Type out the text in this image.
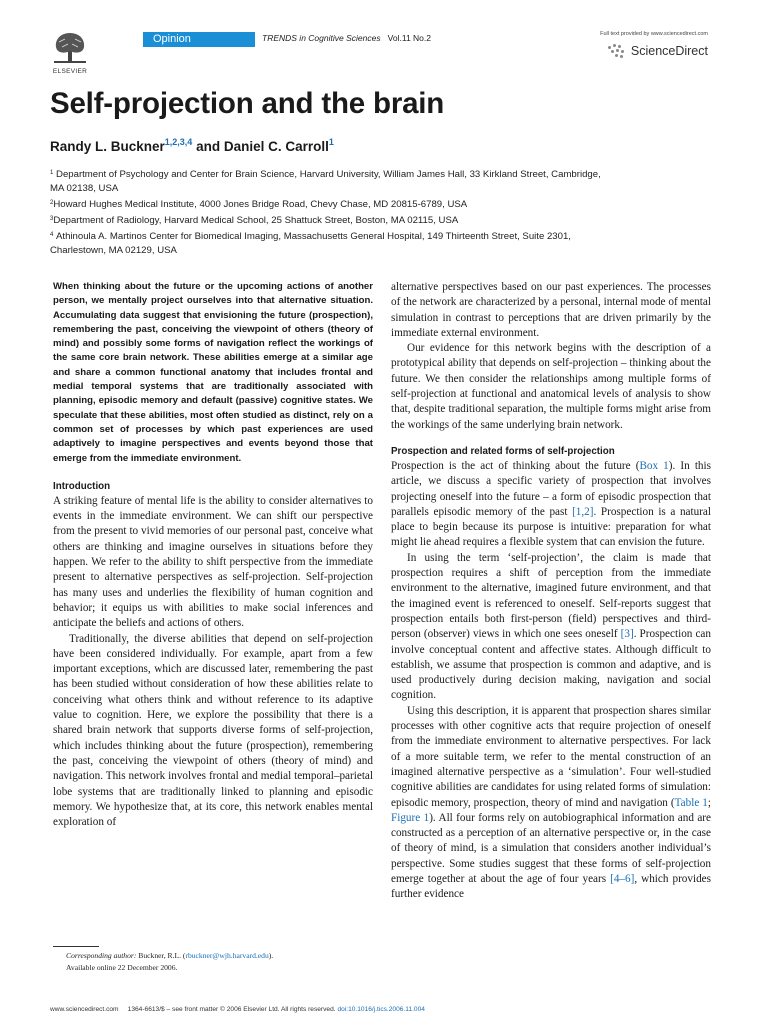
ELSEVIER
Opinion	TRENDS in Cognitive Sciences Vol.11 No.2	Full text provided by www.sciencedirect.com
ScienceDirect
Self-projection and the brain
Randy L. Buckner$^{1,2,3,4}$ and Daniel C. Carroll$^1$
$^1$ Department of Psychology and Center for Brain Science, Harvard University, William James Hall, 33 Kirkland Street, Cambridge,
MA 02138, USA
$^2$Howard Hughes Medical Institute, 4000 Jones Bridge Road, Chevy Chase, MD 20815-6789, USA
$^3$Department of Radiology, Harvard Medical School, 25 Shattuck Street, Boston, MA 02115, USA
$^4$ Athinoula A. Martinos Center for Biomedical Imaging, Massachusetts General Hospital, 149 Thirteenth Street, Suite 2301,
Charlestown, MA 02129, USA

When thinking about the future or the upcoming actions of another person, we mentally project ourselves into that alternative situation. Accumulating data suggest that envisioning the future (prospection), remembering the past, conceiving the viewpoint of others (theory of mind) and possibly some forms of navigation reflect the workings of the same core brain network. These abilities emerge at a similar age and share a common functional anatomy that includes frontal and medial temporal systems that are traditionally associated with planning, episodic memory and default (passive) cognitive states. We speculate that these abilities, most often studied as distinct, rely on a common set of processes by which past experiences are used adaptively to imagine perspectives and events beyond those that emerge from the immediate environment.

Introduction

A striking feature of mental life is the ability to consider alternatives to events in the immediate environment. We can shift our perspective from the present to vivid memories of our personal past, conceive what others are thinking and imagine ourselves in situations before they happen. We refer to the ability to shift perspective from the immediate present to alternative perspectives as self-projection. Self-projection has many uses and underlies the flexibility of human cognition and behavior; it equips us with abilities to make social inferences and anticipate the beliefs and actions of others.

Traditionally, the diverse abilities that depend on self-projection have been considered individually. For example, apart from a few important exceptions, which are discussed later, remembering the past has been studied without consideration of how these abilities relate to conceiving what others think and without reference to its adaptive value to cognition. Here, we explore the possibility that there is a shared brain network that supports diverse forms of self-projection, which includes thinking about the future (prospection), remembering the past, conceiving the viewpoint of others (theory of mind) and navigation. This network involves frontal and medial temporal–parietal lobe systems that are traditionally linked to planning and episodic memory. We hypothesize that, at its core, this network enables mental exploration of

alternative perspectives based on our past experiences. The processes of the network are characterized by a personal, internal mode of mental simulation in contrast to perceptions that are driven primarily by the immediate external environment.

Our evidence for this network begins with the description of a prototypical ability that depends on self-projection – thinking about the future. We then consider the relationships among multiple forms of self-projection at functional and anatomical levels of analysis to show that, despite traditional separation, the multiple forms might arise from the workings of the same underlying brain network.

Prospection and related forms of self-projection

Prospection is the act of thinking about the future (Box 1). In this article, we discuss a specific variety of prospection that involves projecting oneself into the future – a form of episodic prospection that parallels episodic memory of the past [1,2]. Prospection is a natural place to begin because its purpose is intuitive: preparation for what might lie ahead requires a flexible system that can envision the future.

In using the term ‘self-projection’, the claim is made that prospection requires a shift of perception from the immediate environment to the alternative, imagined future environment, and that the imagined event is referenced to oneself. Self-reports suggest that prospection entails both first-person (field) perspectives and third-person (observer) views in which one sees oneself [3]. Prospection can involve conceptual content and affective states. Although difficult to establish, we assume that prospection is common and adaptive, and is used productively during decision making, navigation and social cognition.

Using this description, it is apparent that prospection shares similar processes with other cognitive acts that require projection of oneself from the immediate environment to alternative perspectives. For lack of a more suitable term, we refer to the mental construction of an imagined alternative perspective as a ‘simulation’. Four well-studied cognitive abilities are candidates for using related forms of simulation: episodic memory, prospection, theory of mind and navigation (Table 1; Figure 1). All four forms rely on autobiographical information and are constructed as a perception of an alternative perspective or, in the case of theory of mind, is a simulation that considers another individual’s perspective. Some studies suggest that these forms of self-projection emerge together at about the age of four years [4–6], which provides further evidence

Corresponding author: Buckner, R.L. (rbuckner@wjh.harvard.edu).
Available online 22 December 2006.
www.sciencedirect.com     1364-6613/$ – see front matter © 2006 Elsevier Ltd. All rights reserved. doi:10.1016/j.tics.2006.11.004
